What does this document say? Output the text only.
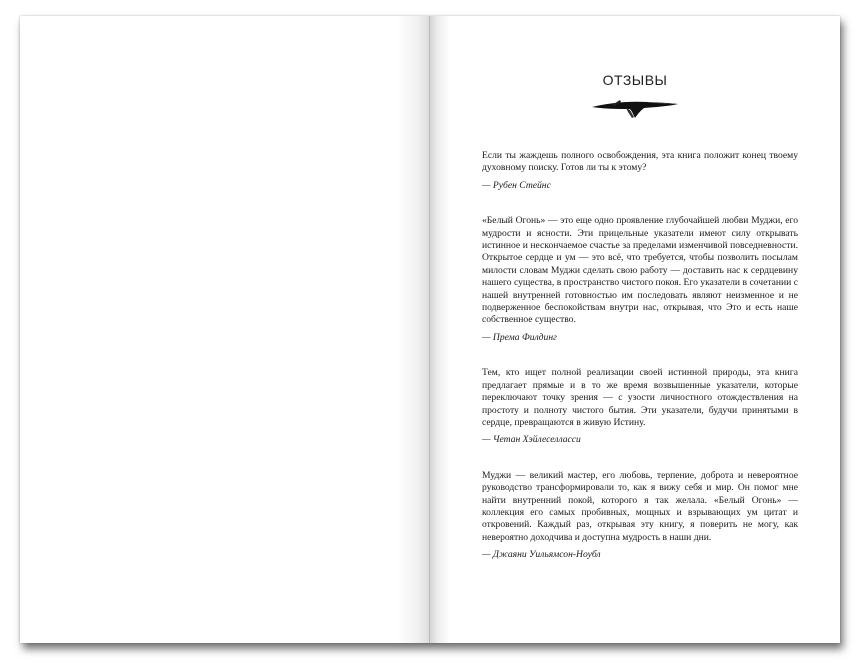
ОТЗЫВЫ

Если ты жаждешь полного освобождения, эта книга положит конец твоему духовному поиску. Готов ли ты к этому?

— Рубен Стейнс

«Белый Огонь» — это еще одно проявление глубочайшей любви Муджи, его мудрости и ясности. Эти прицельные указатели имеют силу открывать истинное и нескончаемое счастье за пределами изменчивой повседневности. Открытое сердце и ум — это всё, что требуется, чтобы позволить посылам милости словам Муджи сделать свою работу — доставить нас к сердцевину нашего существа, в пространство чистого покоя. Его указатели в сочетании с нашей внутренней готовностью им последовать являют неизменное и не подверженное беспокойствам внутри нас, открывая, что Это и есть наше собственное существо.

— Према Филдинг

Тем, кто ищет полной реализации своей истинной природы, эта книга предлагает прямые и в то же время возвышенные указатели, которые переключают точку зрения — с узости личностного отождествления на простоту и полноту чистого бытия. Эти указатели, будучи принятыми в сердце, превращаются в живую Истину.

— Четан Хэйлеселласси

Муджи — великий мастер, его любовь, терпение, доброта и невероятное руководство трансформировали то, как я вижу себя и мир. Он помог мне найти внутренний покой, которого я так желала. «Белый Огонь» — коллекция его самых пробивных, мощных и взрывающих ум цитат и откровений. Каждый раз, открывая эту книгу, я поверить не могу, как невероятно доходчива и доступна мудрость в наши дни.

— Джаяни Уильямсон-Ноубл
